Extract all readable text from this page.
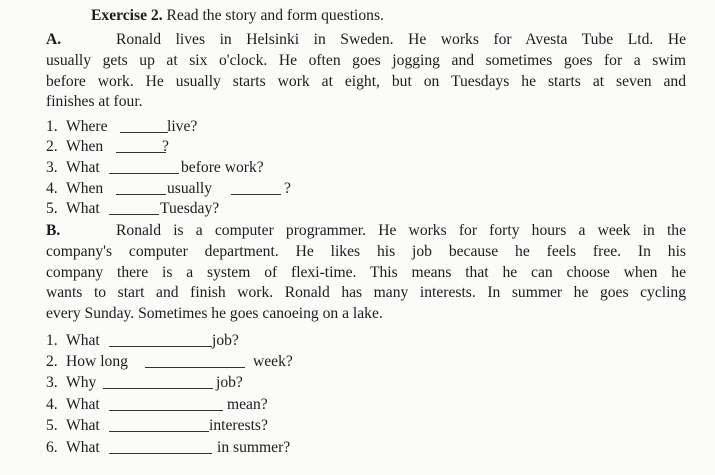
Exercise 2. Read the story and form questions.
A.	Ronald lives in Helsinki in Sweden. He works for Avesta Tube Ltd. He
usually gets up at six o'clock. He often goes jogging and sometimes goes for a swim
before work. He usually starts work at eight, but on Tuesdays he starts at seven and
finishes at four.
1. Where	live?
2. When	?
3. What	before work?
4. When	usually	?
5. What	Tuesday?
B.	Ronald is a computer programmer. He works for forty hours a week in the
company's computer department. He likes his job because he feels free. In his
company there is a system of flexi-time. This means that he can choose when he
wants to start and finish work. Ronald has many interests. In summer he goes cycling
every Sunday. Sometimes he goes canoeing on a lake.
1. What	job?
2. How long	week?
3. Why	job?
4. What	mean?
5. What	interests?
6. What	in summer?
